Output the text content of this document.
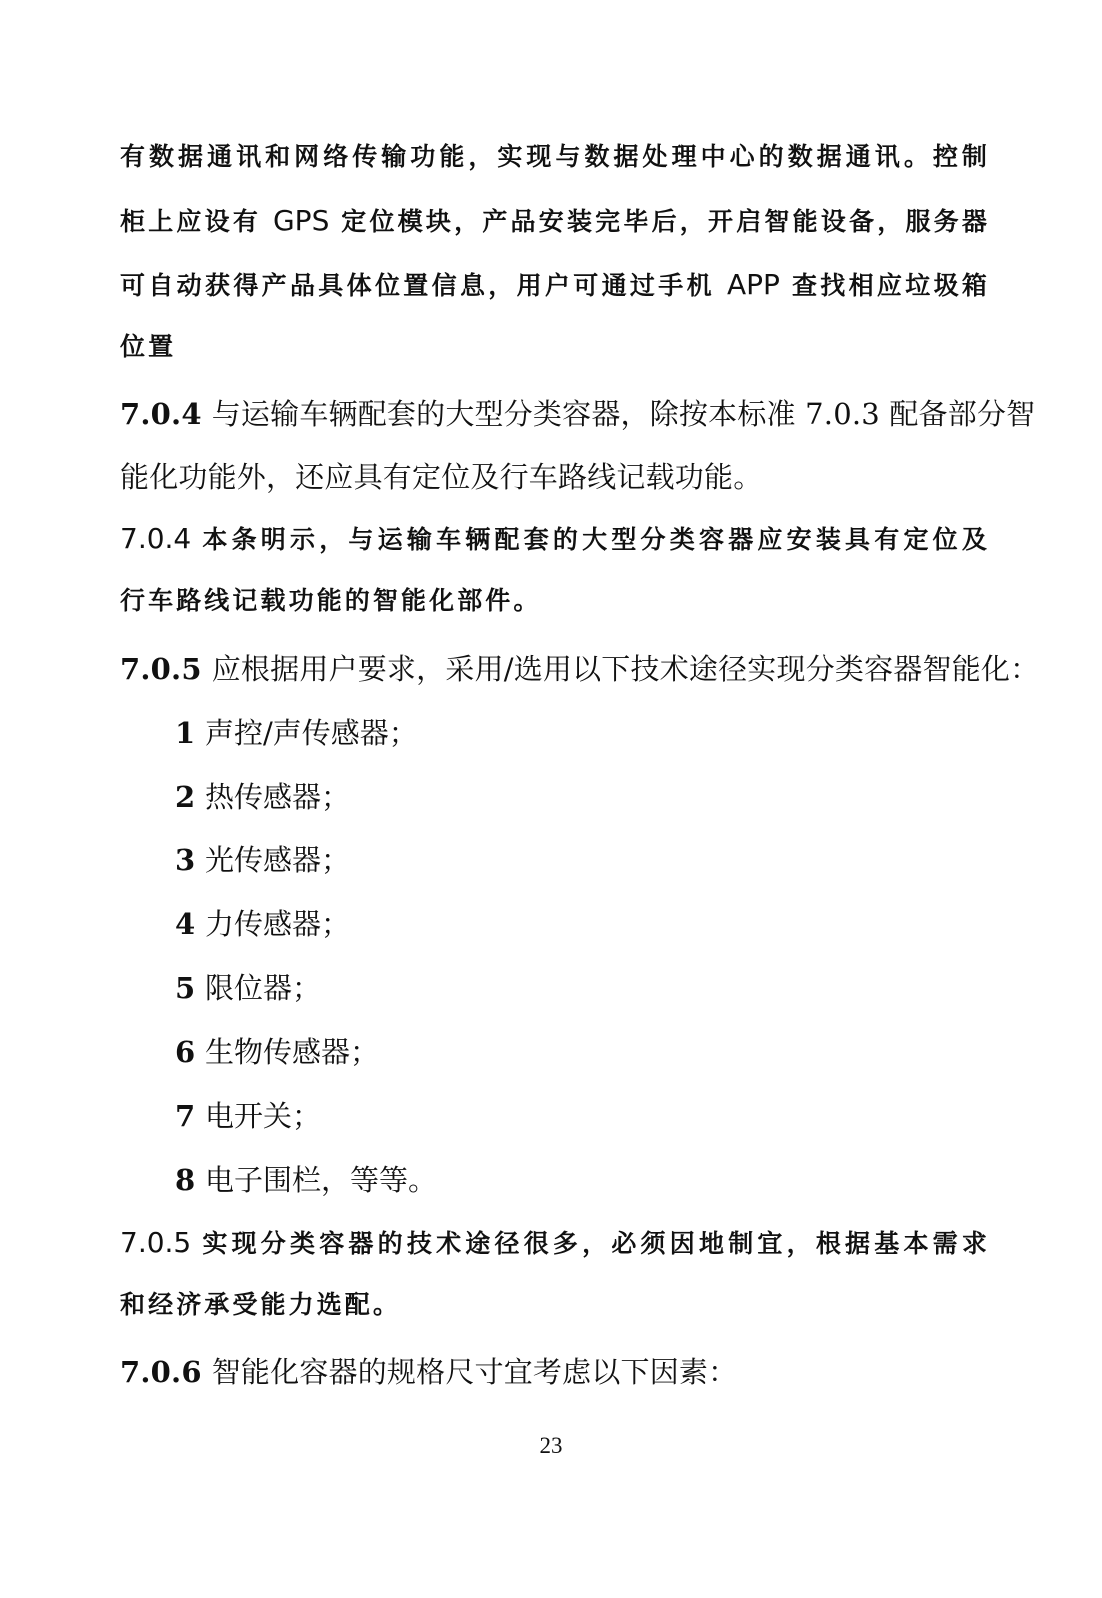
有数据通讯和网络传输功能，实现与数据处理中心的数据通讯。控制
柜上应设有 GPS 定位模块，产品安装完毕后，开启智能设备，服务器
可自动获得产品具体位置信息，用户可通过手机 APP 查找相应垃圾箱
位置
7.0.4 与运输车辆配套的大型分类容器，除按本标准 7.0.3 配备部分智
能化功能外，还应具有定位及行车路线记载功能。
7.0.4 本条明示，与运输车辆配套的大型分类容器应安装具有定位及
行车路线记载功能的智能化部件。
7.0.5 应根据用户要求，采用/选用以下技术途径实现分类容器智能化：
1 声控/声传感器；
2 热传感器；
3 光传感器；
4 力传感器；
5 限位器；
6 生物传感器；
7 电开关；
8 电子围栏，等等。
7.0.5 实现分类容器的技术途径很多，必须因地制宜，根据基本需求
和经济承受能力选配。
7.0.6 智能化容器的规格尺寸宜考虑以下因素：
23
